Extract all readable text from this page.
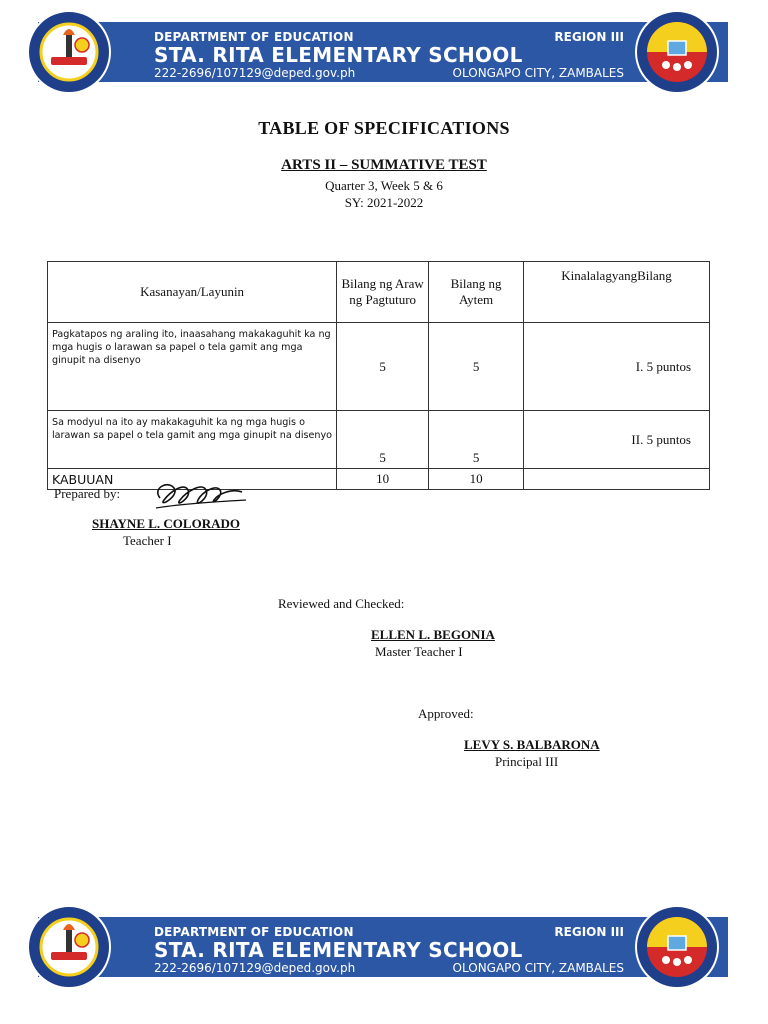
DEPARTMENT OF EDUCATION	REGION III
STA. RITA ELEMENTARY SCHOOL
222-2696/107129@deped.gov.ph	OLONGAPO CITY, ZAMBALES
TABLE OF SPECIFICATIONS
ARTS II – SUMMATIVE TEST
Quarter 3, Week 5 & 6
SY: 2021-2022
Kasanayan/Layunin	Bilang ng Araw ng Pagtuturo	Bilang ng Aytem	KinalalagyangBilang
Pagkatapos ng araling ito, inaasahang makakaguhit ka ng mga hugis o larawan sa papel o tela gamit ang mga ginupit na disenyo	5	5	I. 5 puntos
Sa modyul na ito ay makakaguhit ka ng mga hugis o larawan sa papel o tela gamit ang mga ginupit na disenyo	5	5	II. 5 puntos
KABUUAN	10	10	
Prepared by:
SHAYNE L. COLORADO
Teacher I
Reviewed and Checked:
ELLEN L. BEGONIA
Master Teacher I
Approved:
LEVY S. BALBARONA
Principal III
DEPARTMENT OF EDUCATION	REGION III
STA. RITA ELEMENTARY SCHOOL
222-2696/107129@deped.gov.ph	OLONGAPO CITY, ZAMBALES
